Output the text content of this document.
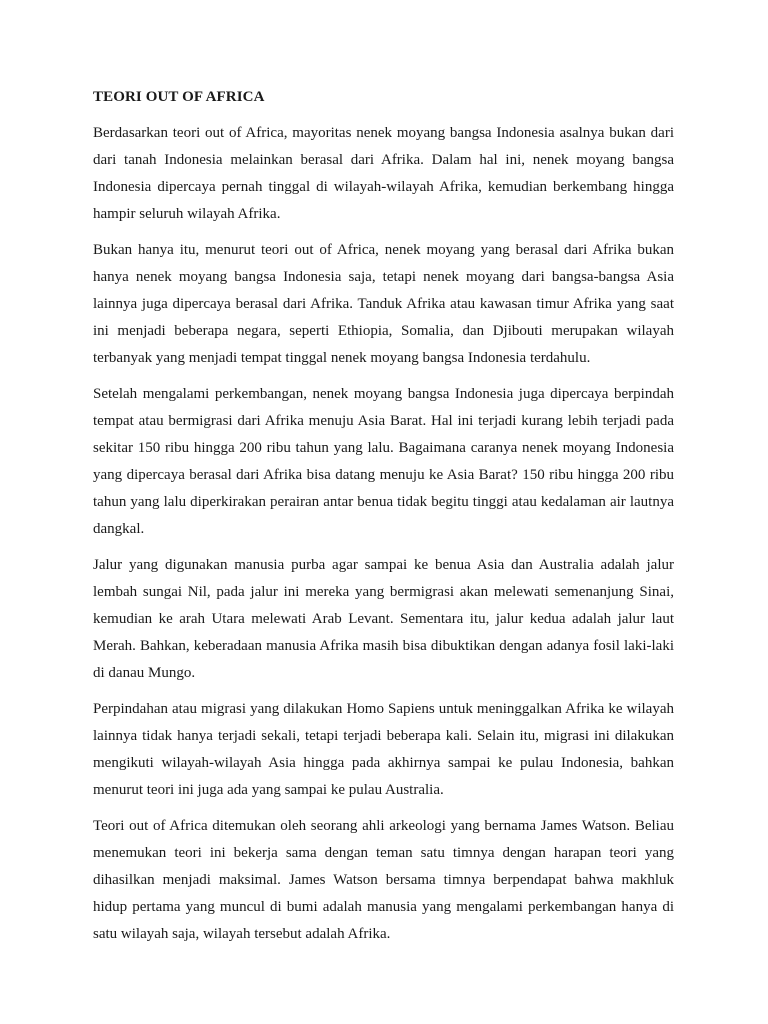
TEORI OUT OF AFRICA

Berdasarkan teori out of Africa, mayoritas nenek moyang bangsa Indonesia asalnya bukan dari dari tanah Indonesia melainkan berasal dari Afrika. Dalam hal ini, nenek moyang bangsa Indonesia dipercaya pernah tinggal di wilayah-wilayah Afrika, kemudian berkembang hingga hampir seluruh wilayah Afrika.

Bukan hanya itu, menurut teori out of Africa, nenek moyang yang berasal dari Afrika bukan hanya nenek moyang bangsa Indonesia saja, tetapi nenek moyang dari bangsa-bangsa Asia lainnya juga dipercaya berasal dari Afrika. Tanduk Afrika atau kawasan timur Afrika yang saat ini menjadi beberapa negara, seperti Ethiopia, Somalia, dan Djibouti merupakan wilayah terbanyak yang menjadi tempat tinggal nenek moyang bangsa Indonesia terdahulu.

Setelah mengalami perkembangan, nenek moyang bangsa Indonesia juga dipercaya berpindah tempat atau bermigrasi dari Afrika menuju Asia Barat. Hal ini terjadi kurang lebih terjadi pada sekitar 150 ribu hingga 200 ribu tahun yang lalu. Bagaimana caranya nenek moyang Indonesia yang dipercaya berasal dari Afrika bisa datang menuju ke Asia Barat? 150 ribu hingga 200 ribu tahun yang lalu diperkirakan perairan antar benua tidak begitu tinggi atau kedalaman air lautnya dangkal.

Jalur yang digunakan manusia purba agar sampai ke benua Asia dan Australia adalah jalur lembah sungai Nil, pada jalur ini mereka yang bermigrasi akan melewati semenanjung Sinai, kemudian ke arah Utara melewati Arab Levant. Sementara itu, jalur kedua adalah jalur laut Merah. Bahkan, keberadaan manusia Afrika masih bisa dibuktikan dengan adanya fosil laki-laki di danau Mungo.

Perpindahan atau migrasi yang dilakukan Homo Sapiens untuk meninggalkan Afrika ke wilayah lainnya tidak hanya terjadi sekali, tetapi terjadi beberapa kali. Selain itu, migrasi ini dilakukan mengikuti wilayah-wilayah Asia hingga pada akhirnya sampai ke pulau Indonesia, bahkan menurut teori ini juga ada yang sampai ke pulau Australia.

Teori out of Africa ditemukan oleh seorang ahli arkeologi yang bernama James Watson. Beliau menemukan teori ini bekerja sama dengan teman satu timnya dengan harapan teori yang dihasilkan menjadi maksimal. James Watson bersama timnya berpendapat bahwa makhluk hidup pertama yang muncul di bumi adalah manusia yang mengalami perkembangan hanya di satu wilayah saja, wilayah tersebut adalah Afrika.
